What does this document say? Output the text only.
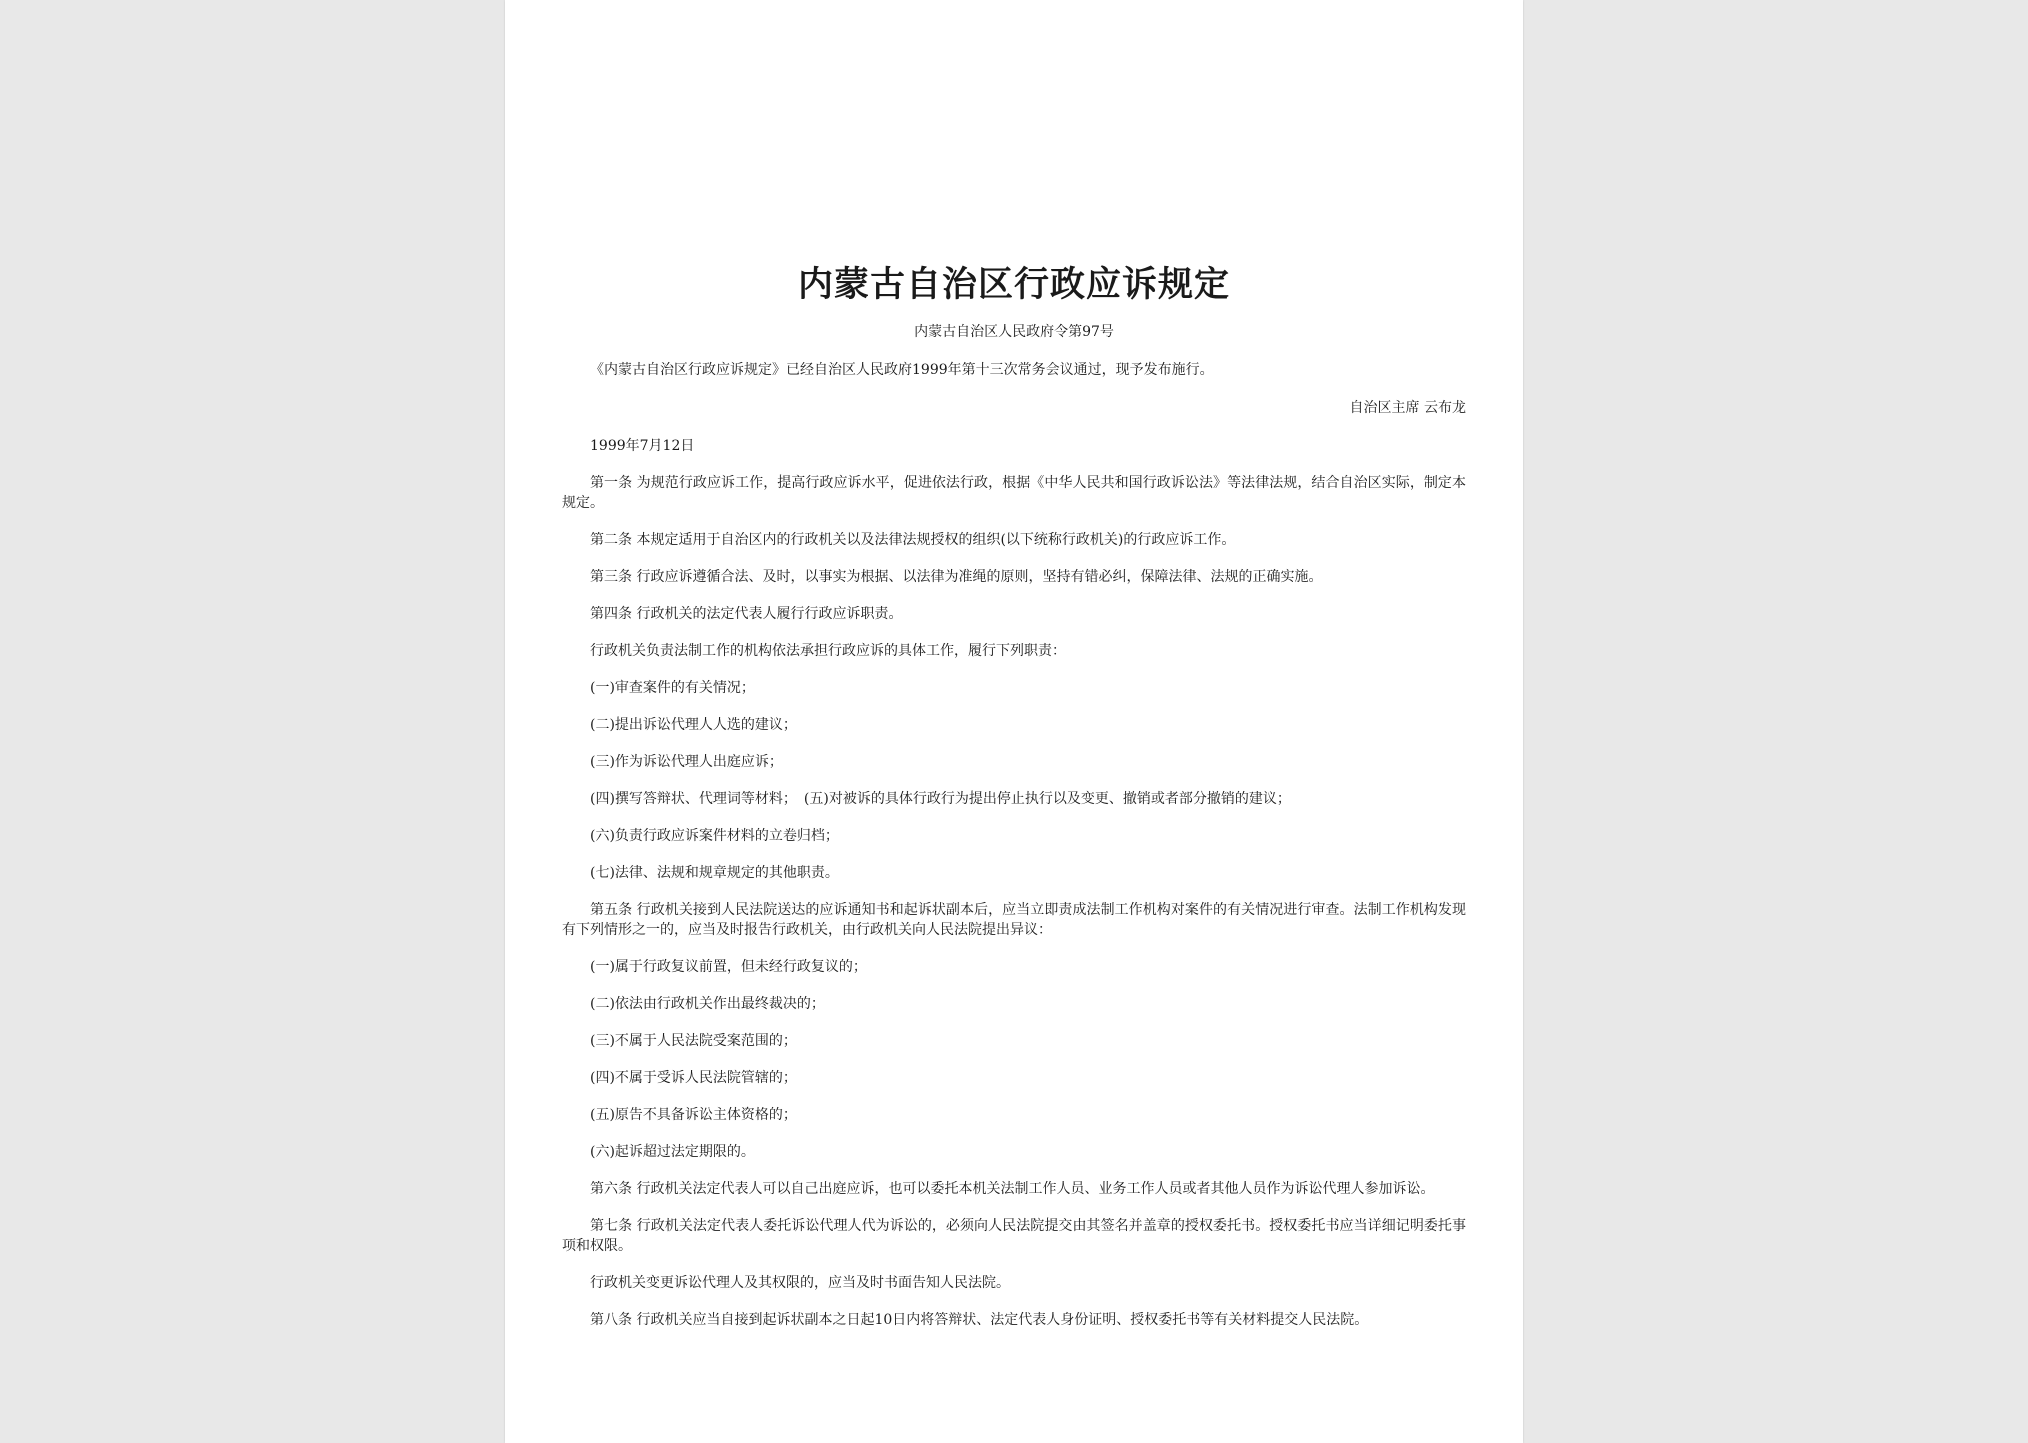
内蒙古自治区行政应诉规定
内蒙古自治区人民政府令第97号

《内蒙古自治区行政应诉规定》已经自治区人民政府1999年第十三次常务会议通过，现予发布施行。

自治区主席 云布龙

1999年7月12日

第一条 为规范行政应诉工作，提高行政应诉水平，促进依法行政，根据《中华人民共和国行政诉讼法》等法律法规，结合自治区实际，制定本规定。

第二条 本规定适用于自治区内的行政机关以及法律法规授权的组织(以下统称行政机关)的行政应诉工作。

第三条 行政应诉遵循合法、及时，以事实为根据、以法律为准绳的原则，坚持有错必纠，保障法律、法规的正确实施。

第四条 行政机关的法定代表人履行行政应诉职责。

行政机关负责法制工作的机构依法承担行政应诉的具体工作，履行下列职责：

(一)审查案件的有关情况；

(二)提出诉讼代理人人选的建议；

(三)作为诉讼代理人出庭应诉；

(四)撰写答辩状、代理词等材料；　(五)对被诉的具体行政行为提出停止执行以及变更、撤销或者部分撤销的建议；

(六)负责行政应诉案件材料的立卷归档；

(七)法律、法规和规章规定的其他职责。

第五条 行政机关接到人民法院送达的应诉通知书和起诉状副本后，应当立即责成法制工作机构对案件的有关情况进行审查。法制工作机构发现有下列情形之一的，应当及时报告行政机关，由行政机关向人民法院提出异议：

(一)属于行政复议前置，但未经行政复议的；

(二)依法由行政机关作出最终裁决的；

(三)不属于人民法院受案范围的；

(四)不属于受诉人民法院管辖的；

(五)原告不具备诉讼主体资格的；

(六)起诉超过法定期限的。

第六条 行政机关法定代表人可以自己出庭应诉，也可以委托本机关法制工作人员、业务工作人员或者其他人员作为诉讼代理人参加诉讼。

第七条 行政机关法定代表人委托诉讼代理人代为诉讼的，必须向人民法院提交由其签名并盖章的授权委托书。授权委托书应当详细记明委托事项和权限。

行政机关变更诉讼代理人及其权限的，应当及时书面告知人民法院。

第八条 行政机关应当自接到起诉状副本之日起10日内将答辩状、法定代表人身份证明、授权委托书等有关材料提交人民法院。
